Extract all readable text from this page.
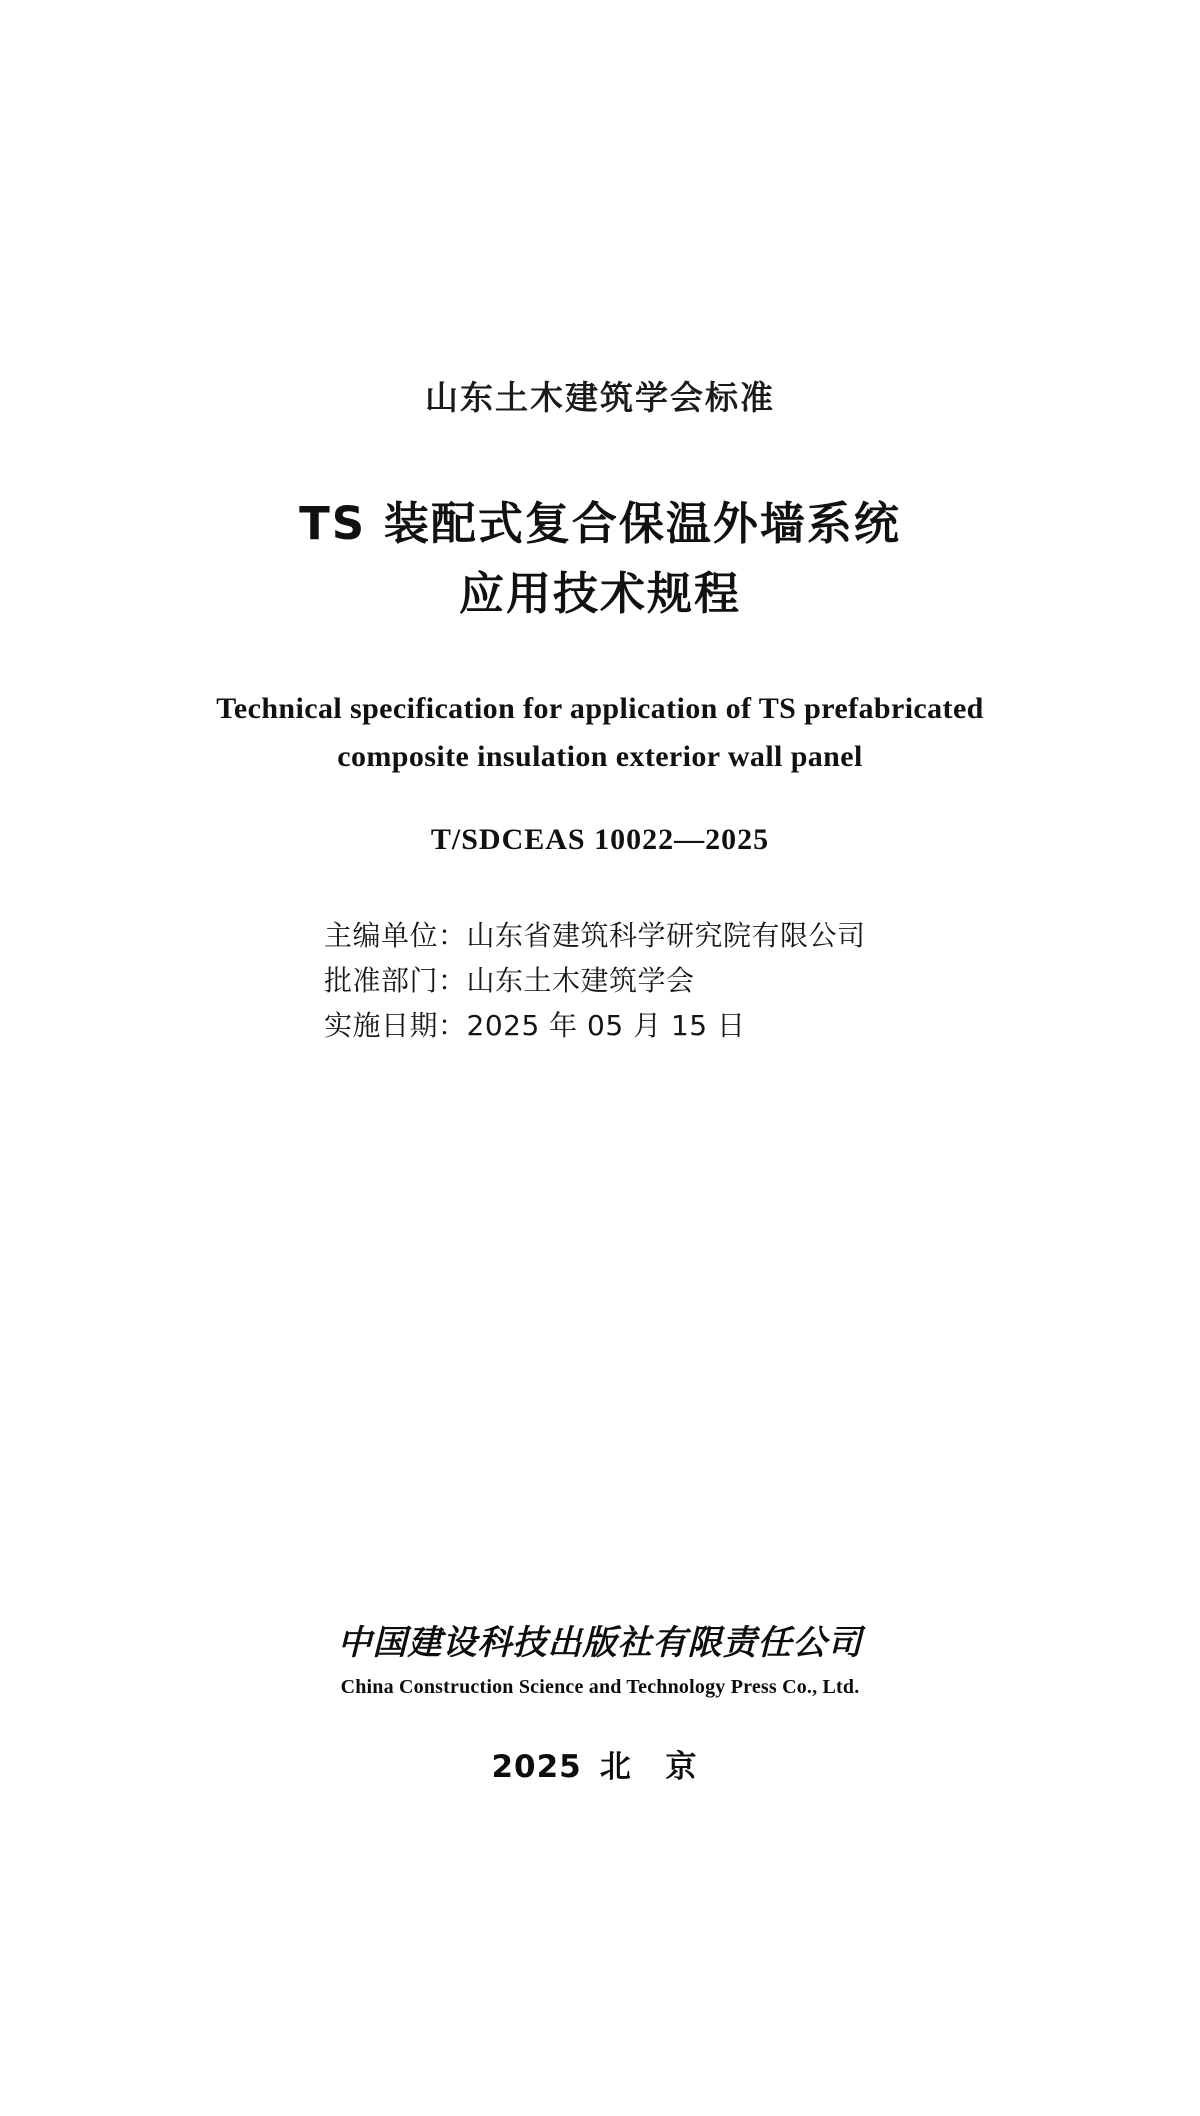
山东土木建筑学会标准
TS 装配式复合保温外墙系统
应用技术规程
Technical specification for application of TS prefabricated
composite insulation exterior wall panel
T/SDCEAS 10022—2025
主编单位：山东省建筑科学研究院有限公司
批准部门：山东土木建筑学会
实施日期：2025 年 05 月 15 日
中国建设科技出版社有限责任公司
China Construction Science and Technology Press Co., Ltd.
2025 北 京
